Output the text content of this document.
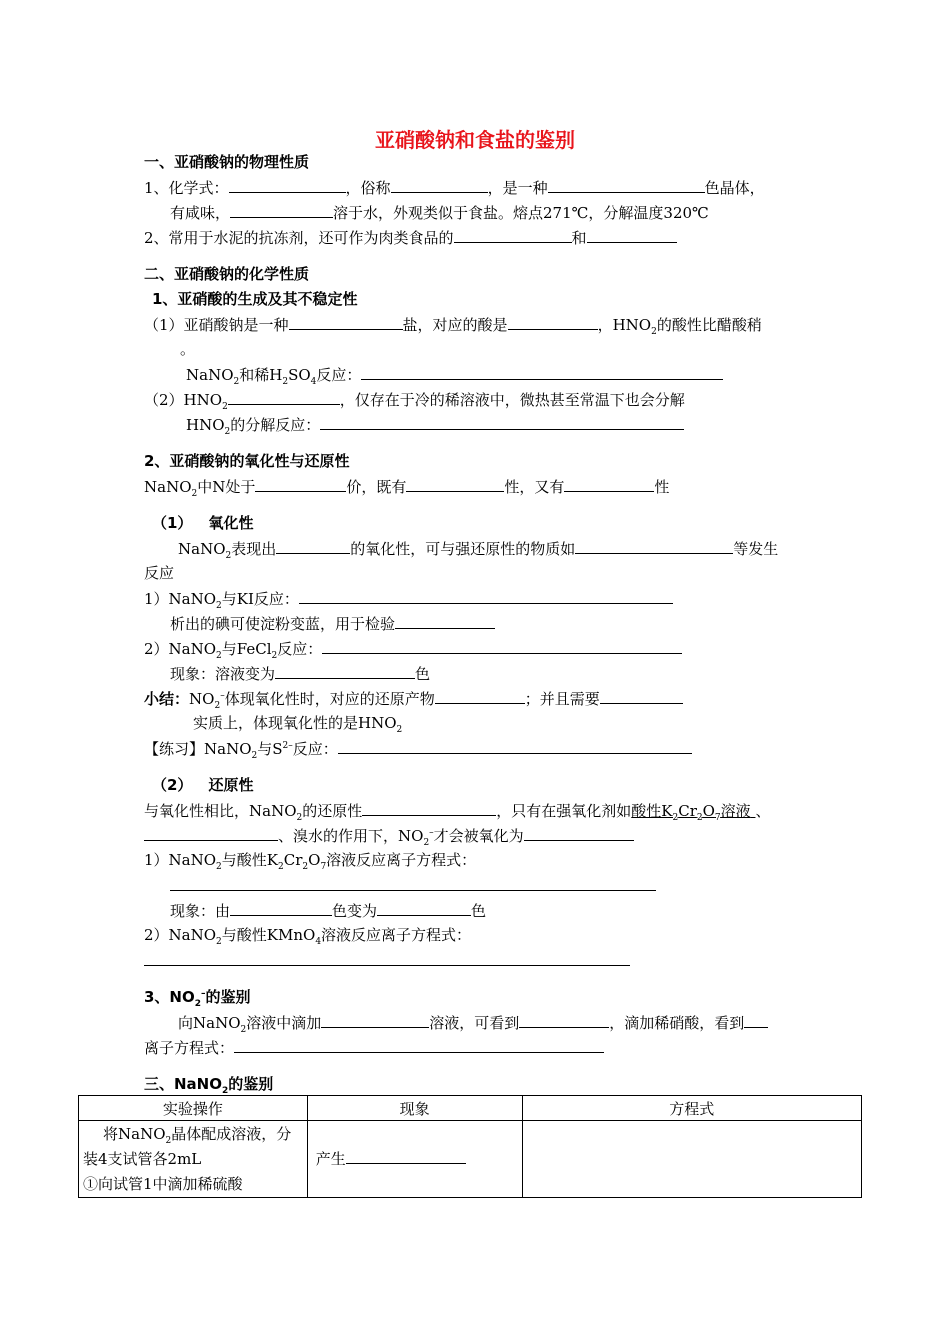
亚硝酸钠和食盐的鉴别
一、亚硝酸钠的物理性质
1、化学式：	，俗称	，是一种	色晶体，
有咸味，	溶于水，外观类似于食盐。熔点271℃，分解温度320℃
2、常用于水泥的抗冻剂，还可作为肉类食品的	和
二、亚硝酸钠的化学性质
1、亚硝酸的生成及其不稳定性
（1）亚硝酸钠是一种	盐，对应的酸是	，$HNO_2$的酸性比醋酸稍
。
NaNO$_2$和稀$H_2SO_4$反应：
$(2)HNO_2$	，仅存在于冷的稀溶液中，微热甚至常温下也会分解
$HNO_2$的分解反应：
2、亚硝酸钠的氧化性与还原性
NaNO$_2$中N处于	价，既有	性，又有	性
（1） 氧化性
NaNO$_2$表现出	的氧化性，可与强还原性的物质如	等发生
反应
1）NaNO$_2$与KI反应：
析出的碘可使淀粉变蓝，用于检验
2）NaNO$_2$与FeCl$_2$反应：
现象：溶液变为	色
小结：$NO_2^-$体现氧化性时，对应的还原产物	；并且需要
实质上，体现氧化性的是$HNO_2$
【练习】NaNO$_2$与$S^{2-}$反应：
（2） 还原性
与氧化性相比，NaNO$_2$的还原性	，只有在强氧化剂如酸性$K_2Cr_2O_7$溶液 、
、溴水的作用下，$NO_2^-$才会被氧化为
1）NaNO$_2$与酸性$K_2Cr_2O_7$溶液反应离子方程式：
现象：由	色变为	色
2）NaNO$_2$与酸性KMnO$_4$溶液反应离子方程式：
3、$NO_2^-$的鉴别
向NaNO$_2$溶液中滴加	溶液，可看到	，滴加稀硝酸，看到
离子方程式：
三、NaNO$_2$的鉴别
实验操作	现象	方程式

将NaNO$_2$晶体配成溶液，分
装4支试管各2mL
①向试管1中滴加稀硫酸	产生	
